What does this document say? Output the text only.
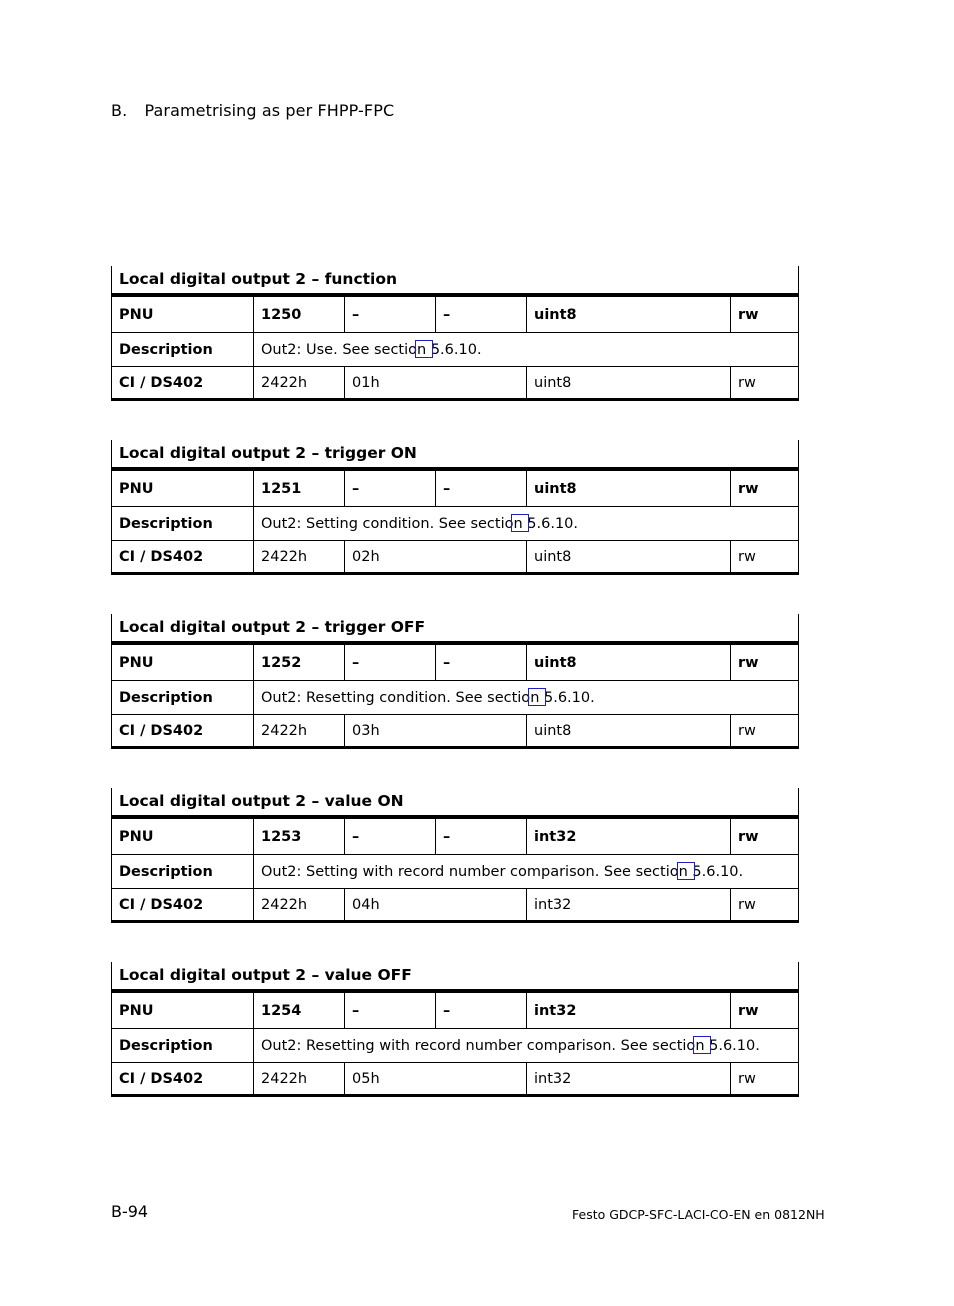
B. Parametrising as per FHPP-FPC
Local digital output 2 – function
PNU	1250	–	–	uint8	rw
Description	Out2: Use. See sectio n 5 .6.10.
CI / DS402	2422h	01h	uint8	rw
Local digital output 2 – trigger ON
PNU	1251	–	–	uint8	rw
Description	Out2: Setting condition. See sectio n 5 .6.10.
CI / DS402	2422h	02h	uint8	rw
Local digital output 2 – trigger OFF
PNU	1252	–	–	uint8	rw
Description	Out2: Resetting condition. See sectio n 5 .6.10.
CI / DS402	2422h	03h	uint8	rw
Local digital output 2 – value ON
PNU	1253	–	–	int32	rw
Description	Out2: Setting with record number comparison. See sectio n 5 .6.10.
CI / DS402	2422h	04h	int32	rw
Local digital output 2 – value OFF
PNU	1254	–	–	int32	rw
Description	Out2: Resetting with record number comparison. See sectio n 5 .6.10.
CI / DS402	2422h	05h	int32	rw
B-94	Festo GDCP-SFC-LACI-CO-EN en 0812NH
